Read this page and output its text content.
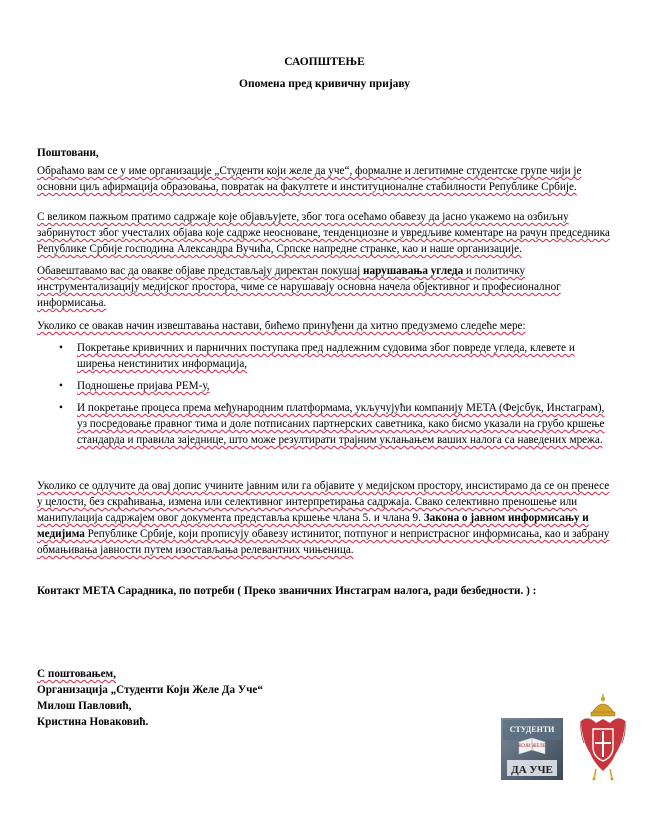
САОПШТЕЊЕ
Опомена пред кривичну пријаву
Поштовани,
Обраћамо вам се у име организације „Студенти који желе да уче“, формалне и легитимне студентске групе чији је основни циљ афирмација образовања, повратак на факултете и институционалне стабилности Републике Србије.
С великом пажњом пратимо садржаје које објављујете, због тога осећамо обавезу да јасно укажемо на озбиљну забринутост због учесталих објава које садрже неосноване, тенденциозне и увредљиве коментаре на рачун председника Републике Србије господина Александра Вучића, Српске напредне странке, као и наше организације.
Обавештавамо вас да овакве објаве представљају директан покушај нарушавања угледа и политичку инструментализацију медијског простора, чиме се нарушавају основна начела објективног и професионалног информисања.
Уколико се овакав начин извештавања настави, бићемо принуђени да хитно предузмемо следеће мере:
• Покретање кривичних и парничних поступака пред надлежним судовима због повреде угледа, клевете и ширења неистинитих информација,
• Подношење пријава РЕМ-у,
• И покретање процеса према међународним платформама, укључујући компанију META (Фејсбук, Инстаграм), уз посредовање правног тима и доле потписаних партнерских саветника, како бисмо указали на грубо кршење стандарда и правила заједнице, што може резултирати трајним уклањањем ваших налога са наведених мрежа.
Уколико се одлучите да овај допис учините јавним или га објавите у медијском простору, инсистирамо да се он пренесе у целости, без скраћивања, измена или селективног интерпретирања садржаја. Свако селективно преношење или манипулација садржајем овог документа представља кршење члана 5. и члана 9. Закона о јавном информисању и медијима Републике Србије, који прописују обавезу истинитог, потпуног и непристрасног информисања, као и забрану обмањивања јавности путем изостављања релевантних чињеница.
Контакт META Сарадника, по потреби ( Преко званичних Инстаграм налога, ради безбедности. ) :
С поштовањем,
Организација „Студенти Који Желе Да Уче“
Милош Павловић,
Кристина Новаковић.
СТУДЕНТИ
КОЈИ ЖЕЛЕ
ДА УЧЕ
